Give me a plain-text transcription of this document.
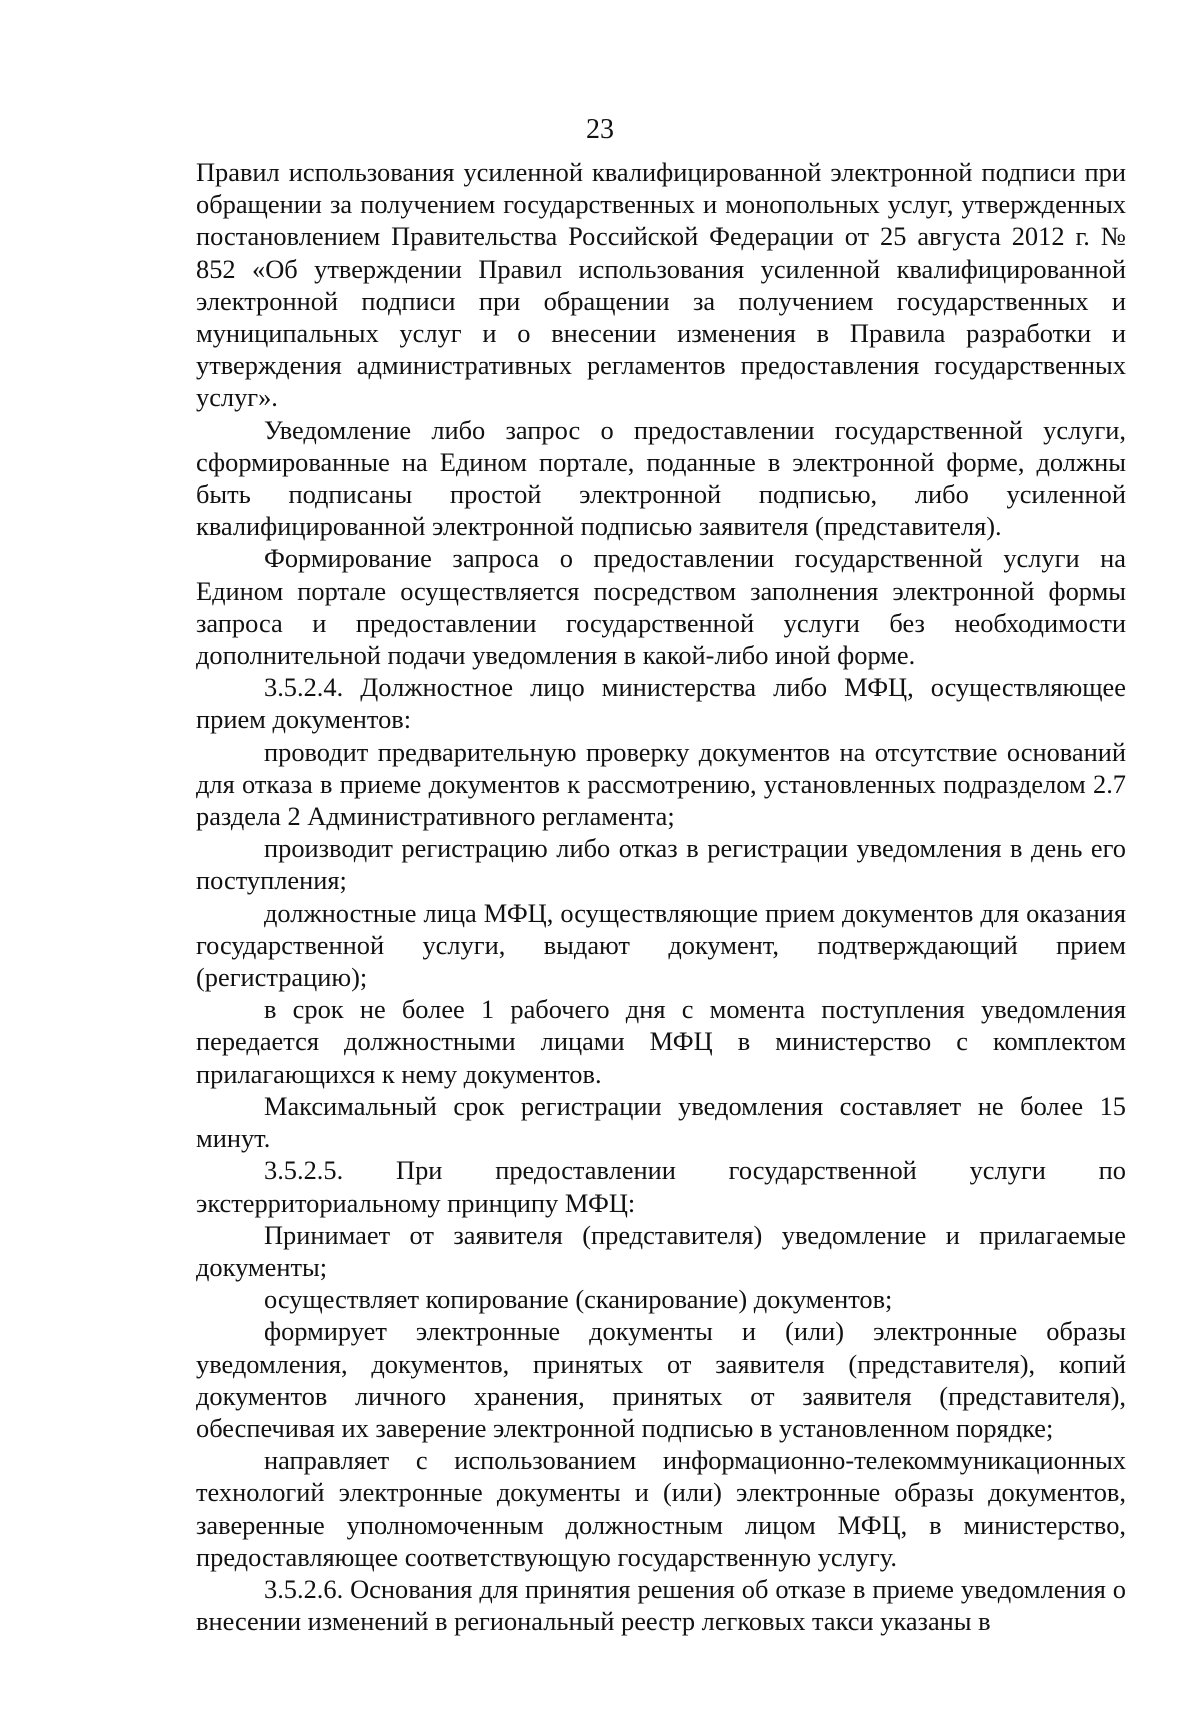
23

Правил использования усиленной квалифицированной электронной подписи при обращении за получением государственных и монопольных услуг, утвержденных постановлением Правительства Российской Федерации от 25 августа 2012 г. № 852 «Об утверждении Правил использования усиленной квалифицированной электронной подписи при обращении за получением государственных и муниципальных услуг и о внесении изменения в Правила разработки и утверждения административных регламентов предоставления государственных услуг».

Уведомление либо запрос о предоставлении государственной услуги, сформированные на Едином портале, поданные в электронной форме, должны быть подписаны простой электронной подписью, либо усиленной квалифицированной электронной подписью заявителя (представителя).

Формирование запроса о предоставлении государственной услуги на Едином портале осуществляется посредством заполнения электронной формы запроса и предоставлении государственной услуги без необходимости дополнительной подачи уведомления в какой-либо иной форме.

3.5.2.4. Должностное лицо министерства либо МФЦ, осуществляющее прием документов:

проводит предварительную проверку документов на отсутствие оснований для отказа в приеме документов к рассмотрению, установленных подразделом 2.7 раздела 2 Административного регламента;

производит регистрацию либо отказ в регистрации уведомления в день его поступления;

должностные лица МФЦ, осуществляющие прием документов для оказания государственной услуги, выдают документ, подтверждающий прием (регистрацию);

в срок не более 1 рабочего дня с момента поступления уведомления передается должностными лицами МФЦ в министерство с комплектом прилагающихся к нему документов.

Максимальный срок регистрации уведомления составляет не более 15 минут.

3.5.2.5. При предоставлении государственной услуги по экстерриториальному принципу МФЦ:

Принимает от заявителя (представителя) уведомление и прилагаемые документы;

осуществляет копирование (сканирование) документов;

формирует электронные документы и (или) электронные образы уведомления, документов, принятых от заявителя (представителя), копий документов личного хранения, принятых от заявителя (представителя), обеспечивая их заверение электронной подписью в установленном порядке;

направляет с использованием информационно-телекоммуникационных технологий электронные документы и (или) электронные образы документов, заверенные уполномоченным должностным лицом МФЦ, в министерство, предоставляющее соответствующую государственную услугу.

3.5.2.6. Основания для принятия решения об отказе в приеме уведомления о внесении изменений в региональный реестр легковых такси указаны в
